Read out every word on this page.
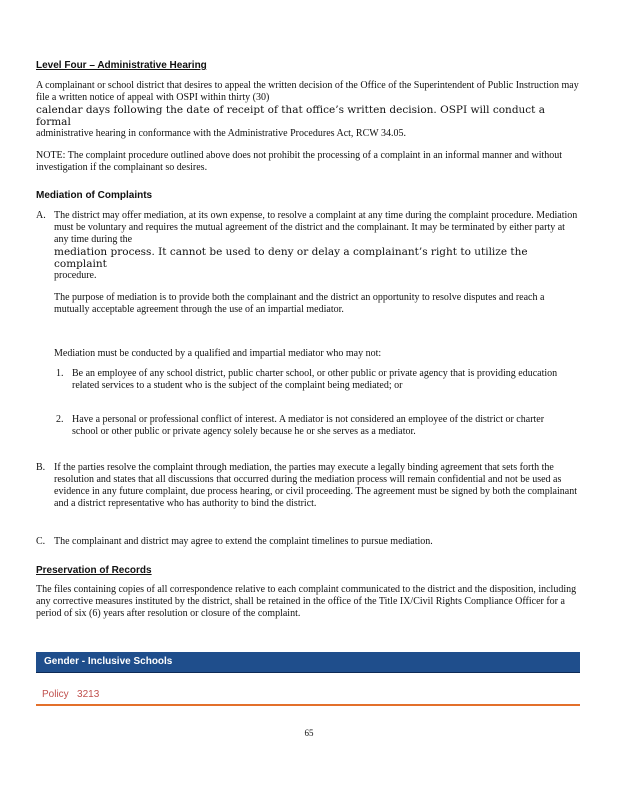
Level Four – Administrative Hearing

A complainant or school district that desires to appeal the written decision of the Office of the Superintendent of Public Instruction may file a written notice of appeal with OSPI within thirty (30)

calendar days following the date of receipt of that office’s written decision. OSPI will conduct a formal

administrative hearing in conformance with the Administrative Procedures Act, RCW 34.05.

NOTE: The complaint procedure outlined above does not prohibit the processing of a complaint in an informal manner and without investigation if the complainant so desires.

Mediation of Complaints

A. The district may offer mediation, at its own expense, to resolve a complaint at any time during the complaint procedure. Mediation must be voluntary and requires the mutual agreement of the district and the complainant. It may be terminated by either party at any time during the

mediation process. It cannot be used to deny or delay a complainant’s right to utilize the complaint

procedure.

The purpose of mediation is to provide both the complainant and the district an opportunity to resolve disputes and reach a mutually acceptable agreement through the use of an impartial mediator.

Mediation must be conducted by a qualified and impartial mediator who may not:

1. Be an employee of any school district, public charter school, or other public or private agency that is providing education related services to a student who is the subject of the complaint being mediated; or

2. Have a personal or professional conflict of interest. A mediator is not considered an employee of the district or charter school or other public or private agency solely because he or she serves as a mediator.

B. If the parties resolve the complaint through mediation, the parties may execute a legally binding agreement that sets forth the resolution and states that all discussions that occurred during the mediation process will remain confidential and not be used as evidence in any future complaint, due process hearing, or civil proceeding. The agreement must be signed by both the complainant and a district representative who has authority to bind the district.

C. The complainant and district may agree to extend the complaint timelines to pursue mediation.

Preservation of Records

The files containing copies of all correspondence relative to each complaint communicated to the district and the disposition, including any corrective measures instituted by the district, shall be retained in the office of the Title IX/Civil Rights Compliance Officer for a period of six (6) years after resolution or closure of the complaint.

Gender - Inclusive Schools
Policy   3213
65
